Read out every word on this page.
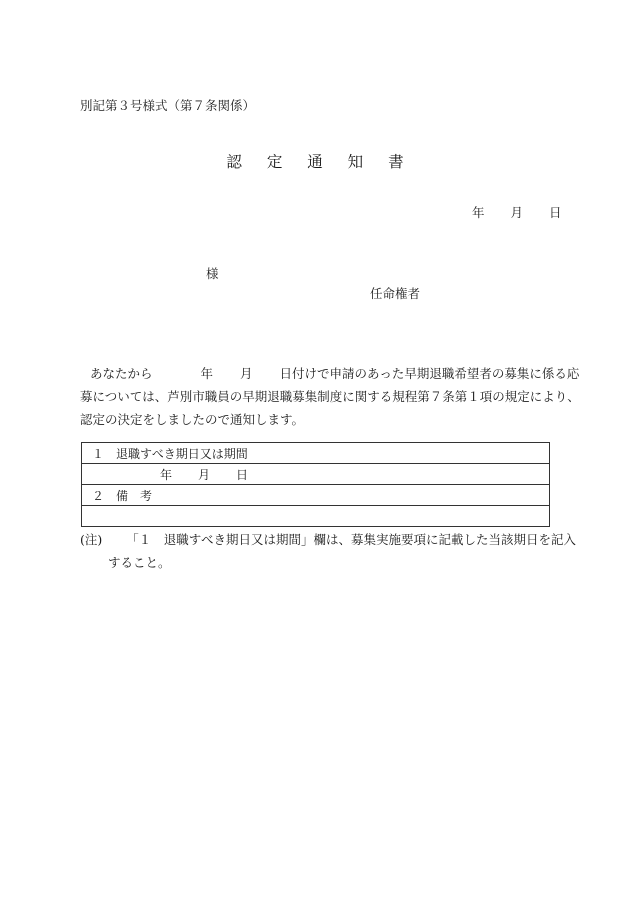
別記第３号様式（第７条関係）
認 定 通 知 書
年 月 日
様
任命権者
あなたから	年 月 日付けで申請のあった早期退職希望者の募集に係る応
募については、芦別市職員の早期退職募集制度に関する規程第７条第１項の規定により、
認定の決定をしましたので通知します。
１　退職すべき期日又は期間
年 月 日
２　備　考

(注) 「１　退職すべき期日又は期間」欄は、募集実施要項に記載した当該期日を記入
すること。
